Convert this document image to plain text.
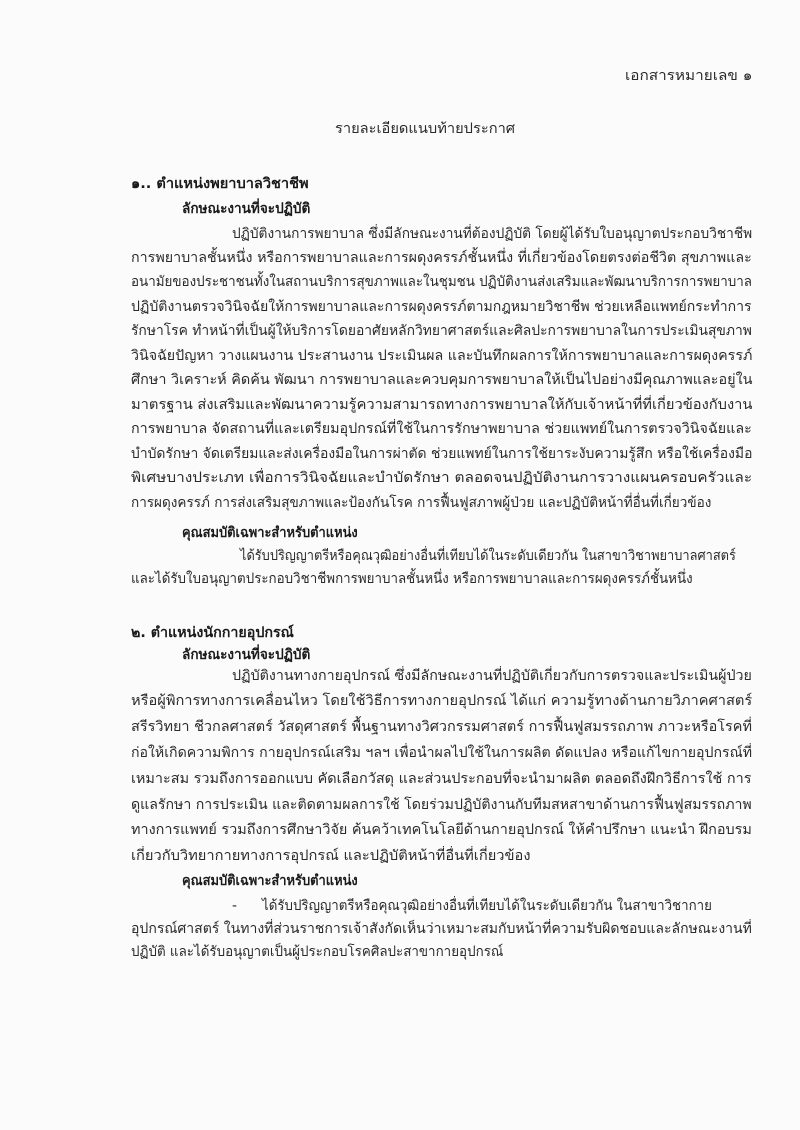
เอกสารหมายเลข ๑
รายละเอียดแนบท้ายประกาศ
๑.. ตำแหน่งพยาบาลวิชาชีพ
ลักษณะงานที่จะปฏิบัติ
ปฏิบัติงานการพยาบาล ซึ่งมีลักษณะงานที่ต้องปฏิบัติ โดยผู้ได้รับใบอนุญาตประกอบวิชาชีพ
การพยาบาลชั้นหนึ่ง หรือการพยาบาลและการผดุงครรภ์ชั้นหนึ่ง ที่เกี่ยวข้องโดยตรงต่อชีวิต สุขภาพและ
อนามัยของประชาชนทั้งในสถานบริการสุขภาพและในชุมชน ปฏิบัติงานส่งเสริมและพัฒนาบริการการพยาบาล
ปฏิบัติงานตรวจวินิจฉัยให้การพยาบาลและการผดุงครรภ์ตามกฎหมายวิชาชีพ ช่วยเหลือแพทย์กระทำการ
รักษาโรค ทำหน้าที่เป็นผู้ให้บริการโดยอาศัยหลักวิทยาศาสตร์และศิลปะการพยาบาลในการประเมินสุขภาพ
วินิจฉัยปัญหา วางแผนงาน ประสานงาน ประเมินผล และบันทึกผลการให้การพยาบาลและการผดุงครรภ์
ศึกษา วิเคราะห์ คิดค้น พัฒนา การพยาบาลและควบคุมการพยาบาลให้เป็นไปอย่างมีคุณภาพและอยู่ใน
มาตรฐาน ส่งเสริมและพัฒนาความรู้ความสามารถทางการพยาบาลให้กับเจ้าหน้าที่ที่เกี่ยวข้องกับงาน
การพยาบาล จัดสถานที่และเตรียมอุปกรณ์ที่ใช้ในการรักษาพยาบาล ช่วยแพทย์ในการตรวจวินิจฉัยและ
บำบัดรักษา จัดเตรียมและส่งเครื่องมือในการผ่าตัด ช่วยแพทย์ในการใช้ยาระงับความรู้สึก หรือใช้เครื่องมือ
พิเศษบางประเภท เพื่อการวินิจฉัยและบำบัดรักษา ตลอดจนปฏิบัติงานการวางแผนครอบครัวและ
การผดุงครรภ์ การส่งเสริมสุขภาพและป้องกันโรค การฟื้นฟูสภาพผู้ป่วย และปฏิบัติหน้าที่อื่นที่เกี่ยวข้อง
คุณสมบัติเฉพาะสำหรับตำแหน่ง
ได้รับปริญญาตรีหรือคุณวุฒิอย่างอื่นที่เทียบได้ในระดับเดียวกัน ในสาขาวิชาพยาบาลศาสตร์
และได้รับใบอนุญาตประกอบวิชาชีพการพยาบาลชั้นหนึ่ง หรือการพยาบาลและการผดุงครรภ์ชั้นหนึ่ง
๒. ตำแหน่งนักกายอุปกรณ์
ลักษณะงานที่จะปฏิบัติ
ปฏิบัติงานทางกายอุปกรณ์ ซึ่งมีลักษณะงานที่ปฏิบัติเกี่ยวกับการตรวจและประเมินผู้ป่วย
หรือผู้พิการทางการเคลื่อนไหว โดยใช้วิธีการทางกายอุปกรณ์ ได้แก่ ความรู้ทางด้านกายวิภาคศาสตร์
สรีรวิทยา ชีวกลศาสตร์ วัสดุศาสตร์ พื้นฐานทางวิศวกรรมศาสตร์ การฟื้นฟูสมรรถภาพ ภาวะหรือโรคที่
ก่อให้เกิดความพิการ กายอุปกรณ์เสริม ฯลฯ เพื่อนำผลไปใช้ในการผลิต ดัดแปลง หรือแก้ไขกายอุปกรณ์ที่
เหมาะสม รวมถึงการออกแบบ คัดเลือกวัสดุ และส่วนประกอบที่จะนำมาผลิต ตลอดถึงฝึกวิธีการใช้ การ
ดูแลรักษา การประเมิน และติดตามผลการใช้ โดยร่วมปฏิบัติงานกับทีมสหสาขาด้านการฟื้นฟูสมรรถภาพ
ทางการแพทย์ รวมถึงการศึกษาวิจัย ค้นคว้าเทคโนโลยีด้านกายอุปกรณ์ ให้คำปรึกษา แนะนำ ฝึกอบรม
เกี่ยวกับวิทยากายทางการอุปกรณ์ และปฏิบัติหน้าที่อื่นที่เกี่ยวข้อง
คุณสมบัติเฉพาะสำหรับตำแหน่ง
-	ได้รับปริญญาตรีหรือคุณวุฒิอย่างอื่นที่เทียบได้ในระดับเดียวกัน ในสาขาวิชากาย
อุปกรณ์ศาสตร์ ในทางที่ส่วนราชการเจ้าสังกัดเห็นว่าเหมาะสมกับหน้าที่ความรับผิดชอบและลักษณะงานที่
ปฏิบัติ และได้รับอนุญาตเป็นผู้ประกอบโรคศิลปะสาขากายอุปกรณ์
